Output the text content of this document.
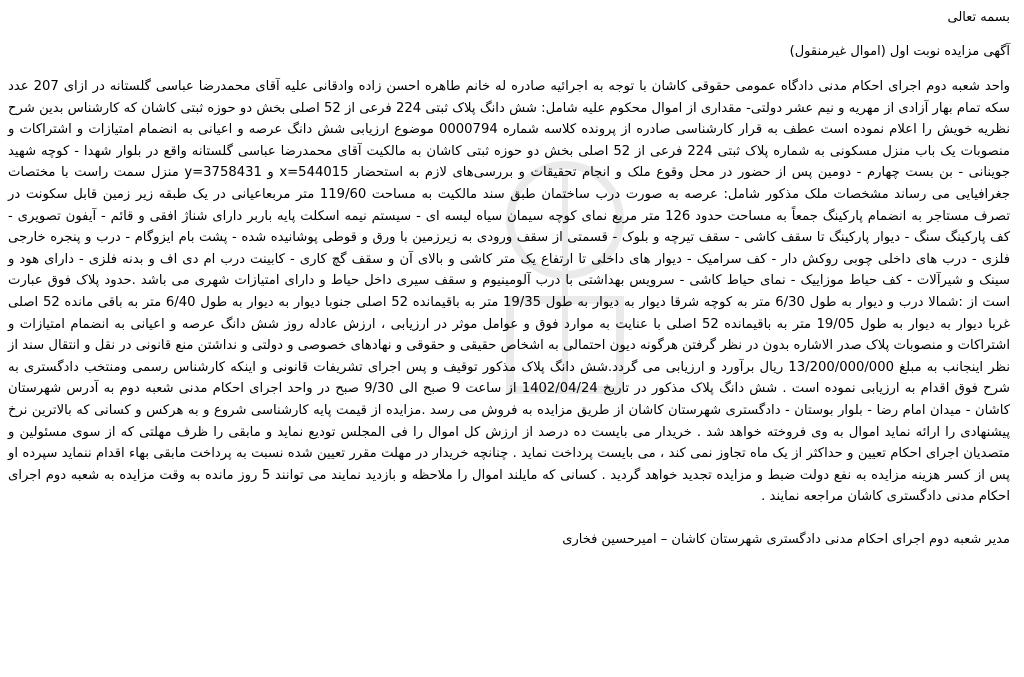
بسمه تعالی

آگهی مزایده نوبت اول (اموال غیرمنقول)

واحد شعبه دوم اجرای احکام مدنی دادگاه عمومی حقوقی کاشان با توجه به اجرائیه صادره له خانم طاهره احسن زاده وادقانی علیه آقای محمدرضا عباسی گلستانه در ازای 207 عدد سکه تمام بهار آزادی از مهریه و نیم عشر دولتی- مقداری از اموال محکوم علیه شامل: شش دانگ پلاک ثبتی 224 فرعی از 52 اصلی بخش دو حوزه ثبتی کاشان که کارشناس بدین شرح نظریه خویش را اعلام نموده است عطف به قرار کارشناسی صادره از پرونده کلاسه شماره 0000794 موضوع ارزیابی شش دانگ عرصه و اعیانی به انضمام امتیازات و اشتراکات و منصوبات یک باب منزل مسکونی به شماره پلاک ثبتی 224 فرعی از 52 اصلی بخش دو حوزه ثبتی کاشان به مالکیت آقای محمدرضا عباسی گلستانه واقع در بلوار شهدا - کوچه شهید جوینانی - بن بست چهارم - دومین پس از حضور در محل وقوع ملک و انجام تحقیقات و بررسی‌های لازم به استحضار x=544015 و y=3758431 منزل سمت راست با مختصات جغرافیایی می رساند مشخصات ملک مذکور شامل: عرصه به صورت درب ساختمان طبق سند مالکیت به مساحت 119/60 متر مربعاعیانی در یک طبقه زیر زمین قابل سکونت در تصرف مستاجر به انضمام پارکینگ جمعاً به مساحت حدود 126 متر مربع نمای کوچه سیمان سیاه لیسه ای - سیستم نیمه اسکلت پایه باربر دارای شناژ افقی و قائم - آیفون تصویری - کف پارکینگ سنگ - دیوار پارکینگ تا سقف کاشی - سقف تیرچه و بلوک - قسمتی از سقف ورودی به زیرزمین با ورق و قوطی پوشانیده شده - پشت بام ایزوگام - درب و پنجره خارجی فلزی - درب های داخلی چوبی روکش دار - کف سرامیک - دیوار های داخلی تا ارتفاع یک متر کاشی و بالای آن و سقف گچ کاری - کابینت درب ام دی اف و بدنه فلزی - دارای هود و سینک و شیرآلات - کف حیاط موزاییک - نمای حیاط کاشی - سرویس بهداشتی با درب آلومینیوم و سقف سیری داخل حیاط و دارای امتیازات شهری می باشد .حدود پلاک فوق عبارت است از :شمالا درب و دیوار به طول 6/30 متر به کوچه شرقا دیوار به دیوار به طول 19/35 متر به باقیمانده 52 اصلی جنوبا دیوار به دیوار به طول 6/40 متر به باقی مانده 52 اصلی غربا دیوار به دیوار به طول 19/05 متر به باقیمانده 52 اصلی با عنایت به موارد فوق و عوامل موثر در ارزیابی ، ارزش عادله روز شش دانگ عرصه و اعیانی به انضمام امتیازات و اشتراکات و منصوبات پلاک صدر الاشاره بدون در نظر گرفتن هرگونه دیون احتمالی به اشخاص حقیقی و حقوقی و نهادهای خصوصی و دولتی و نداشتن منع قانونی در نقل و انتقال سند از نظر اینجانب به مبلغ 13/200/000/000 ریال برآورد و ارزیابی می گردد.شش دانگ پلاک مذکور توقیف و پس اجرای تشریفات قانونی و اینکه کارشناس رسمی ومنتخب دادگستری به شرح فوق اقدام به ارزیابی نموده است . شش دانگ پلاک مذکور در تاریخ 1402/04/24 از ساعت 9 صبح الی 9/30 صبح در واحد اجرای احکام مدنی شعبه دوم به آدرس شهرستان کاشان - میدان امام رضا - بلوار بوستان - دادگستری شهرستان کاشان از طریق مزایده به فروش می رسد .مزایده از قیمت پایه کارشناسی شروع و به هرکس و کسانی که بالاترین نرخ پیشنهادی را ارائه نماید اموال به وی فروخته خواهد شد . خریدار می بایست ده درصد از ارزش کل اموال را فی المجلس تودیع نماید و مابقی را ظرف مهلتی که از سوی مسئولین و متصدیان اجرای احکام تعیین و حداکثر از یک ماه تجاوز نمی کند ، می بایست پرداخت نماید . چنانچه خریدار در مهلت مقرر تعیین شده نسبت به پرداخت مابقی بهاء اقدام ننماید سپرده او پس از کسر هزینه مزایده به نفع دولت ضبط و مزایده تجدید خواهد گردید . کسانی که مایلند اموال را ملاحظه و بازدید نمایند می توانند 5 روز مانده به وقت مزایده به شعبه دوم اجرای احکام مدنی دادگستری کاشان مراجعه نمایند .

مدیر شعبه دوم اجرای احکام مدنی دادگستری شهرستان کاشان – امیرحسین فخاری
